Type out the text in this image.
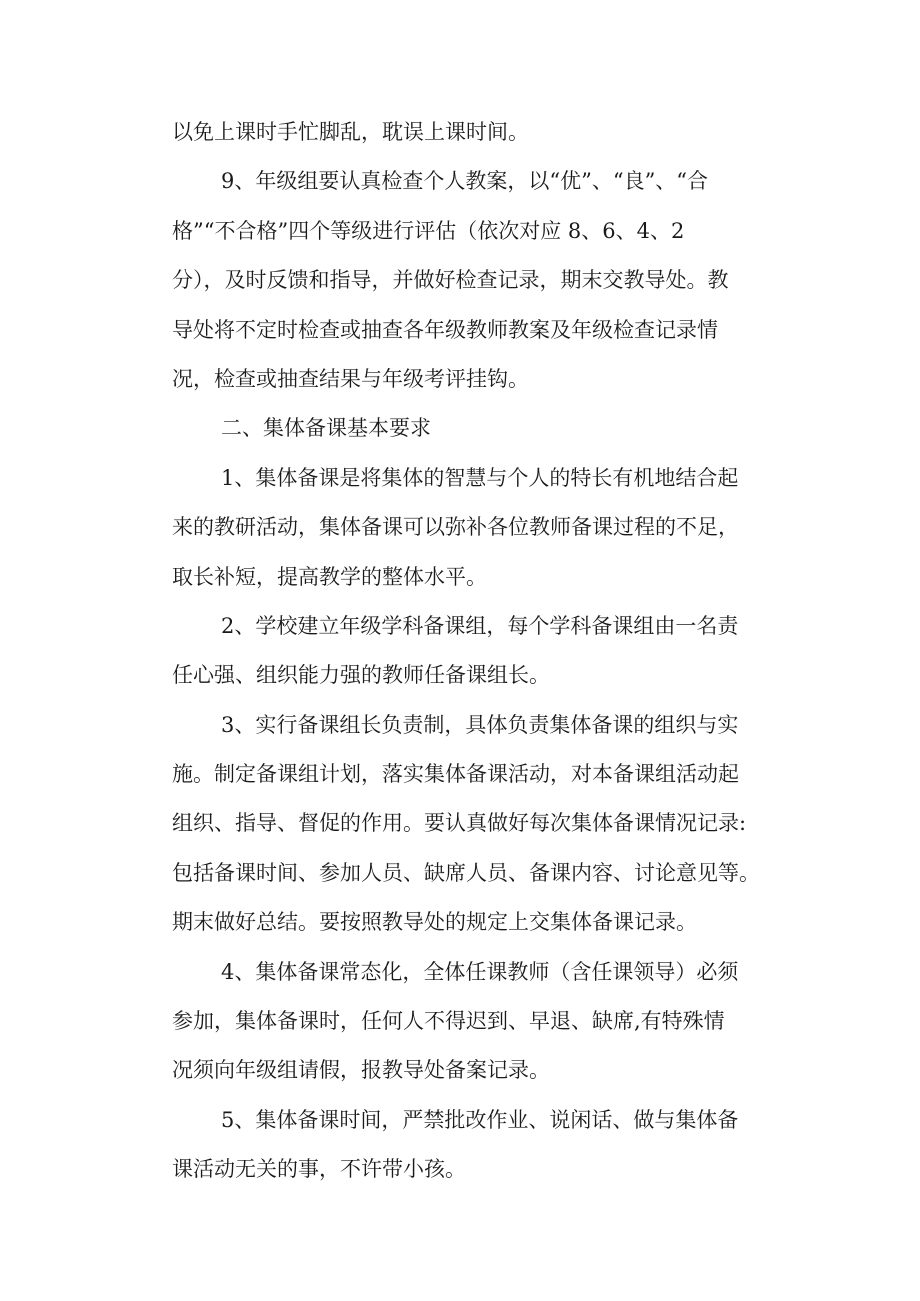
以免上课时手忙脚乱，耽误上课时间。

9、年级组要认真检查个人教案，以“优”、“良”、“合
格”“不合格”四个等级进行评估（依次对应 8、6、4、2
分），及时反馈和指导，并做好检查记录，期末交教导处。教
导处将不定时检查或抽查各年级教师教案及年级检查记录情
况，检查或抽查结果与年级考评挂钩。

二、集体备课基本要求

1、集体备课是将集体的智慧与个人的特长有机地结合起
来的教研活动，集体备课可以弥补各位教师备课过程的不足，
取长补短，提高教学的整体水平。

2、学校建立年级学科备课组，每个学科备课组由一名责
任心强、组织能力强的教师任备课组长。

3、实行备课组长负责制，具体负责集体备课的组织与实
施。制定备课组计划，落实集体备课活动，对本备课组活动起
组织、指导、督促的作用。要认真做好每次集体备课情况记录:
包括备课时间、参加人员、缺席人员、备课内容、讨论意见等。
期末做好总结。要按照教导处的规定上交集体备课记录。

4、集体备课常态化，全体任课教师（含任课领导）必须
参加，集体备课时，任何人不得迟到、早退、缺席,有特殊情
况须向年级组请假，报教导处备案记录。

5、集体备课时间，严禁批改作业、说闲话、做与集体备
课活动无关的事，不许带小孩。
